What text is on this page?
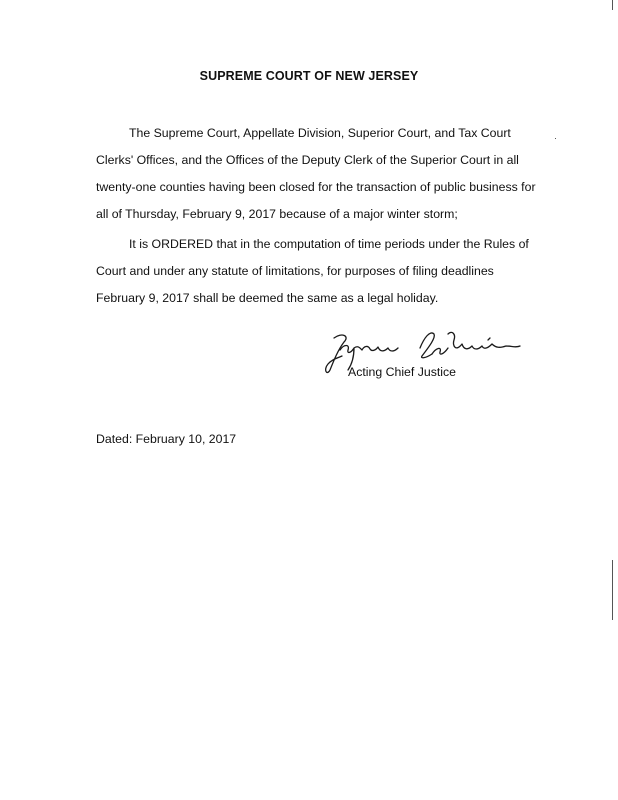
SUPREME COURT OF NEW JERSEY

The Supreme Court, Appellate Division, Superior Court, and Tax Court
Clerks' Offices, and the Offices of the Deputy Clerk of the Superior Court in all
twenty-one counties having been closed for the transaction of public business for
all of Thursday, February 9, 2017 because of a major winter storm;

It is ORDERED that in the computation of time periods under the Rules of
Court and under any statute of limitations, for purposes of filing deadlines
February 9, 2017 shall be deemed the same as a legal holiday.

Acting Chief Justice
Dated: February 10, 2017
